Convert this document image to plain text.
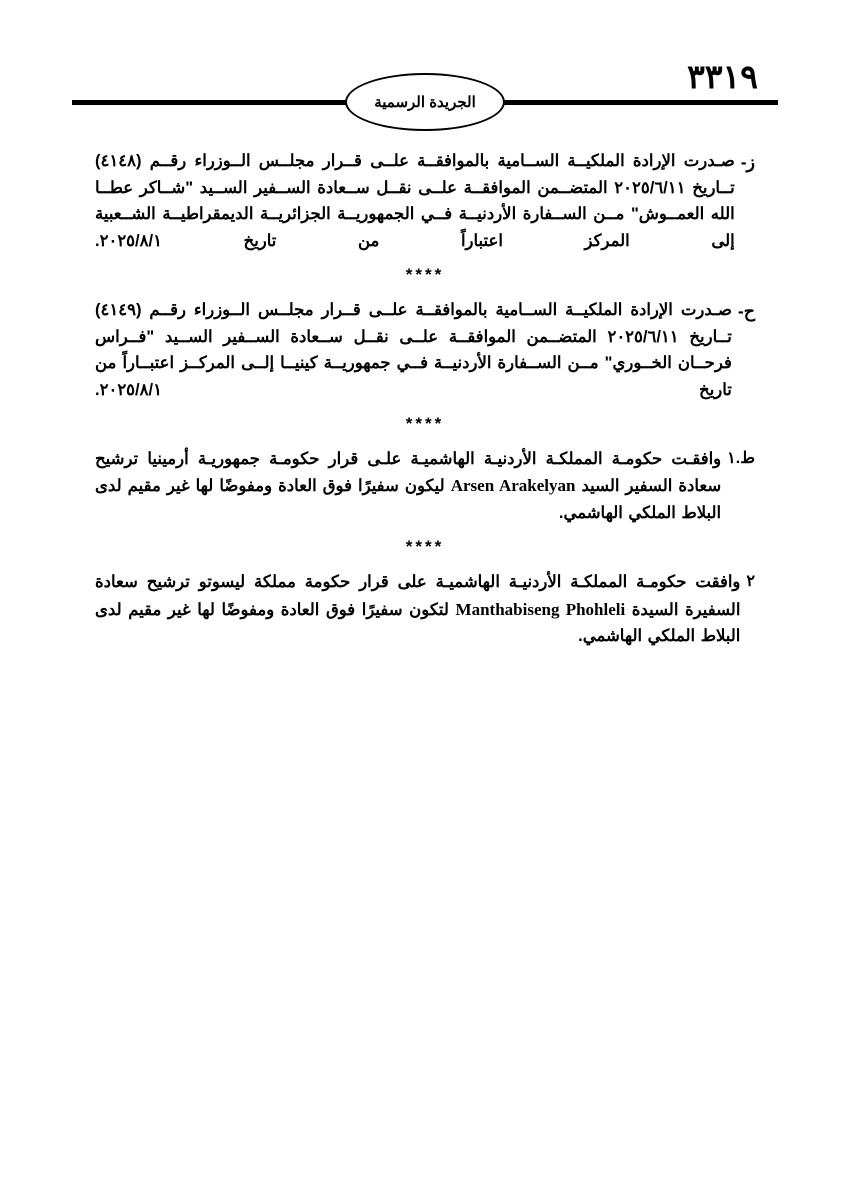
٣٣١٩
الجريدة الرسمية
ز-
صـدرت الإرادة الملكيــة الســامية بالموافقــة علــى قــرار مجلــس الــوزراء رقــم (٤١٤٨) تــاريخ ٢٠٢٥/٦/١١ المتضــمن الموافقــة علــى نقــل ســعادة الســفير الســيد "شــاكر عطــا الله العمــوش" مــن الســفارة الأردنيــة فــي الجمهوريــة الجزائريــة الديمقراطيــة الشــعبية إلى المركز اعتباراً من تاريخ ٢٠٢٥/٨/١.
****
ح-
صـدرت الإرادة الملكيــة الســامية بالموافقــة علــى قــرار مجلــس الــوزراء رقــم (٤١٤٩) تــاريخ ٢٠٢٥/٦/١١ المتضــمن الموافقــة علــى نقــل ســعادة الســفير الســيد "فــراس فرحــان الخــوري" مــن الســفارة الأردنيــة فــي جمهوريــة كينيــا إلــى المركــز اعتبــاراً من تاريخ ٢٠٢٥/٨/١.
****
ط.١
وافقـت حكومـة المملكـة الأردنيـة الهاشميـة علـى قرار حكومـة جمهوريـة أرمينيا ترشيح سعادة السفير السيد Arsen Arakelyan ليكون سفيرًا فوق العادة ومفوضًا لها غير مقيم لدى البلاط الملكي الهاشمي.
****
٢
وافقت حكومـة المملكـة الأردنيـة الهاشميـة على قرار حكومة مملكة ليسوتو ترشيح سعادة السفيرة السيدة Manthabiseng Phohleli لتكون سفيرًا فوق العادة ومفوضًا لها غير مقيم لدى البلاط الملكي الهاشمي.
